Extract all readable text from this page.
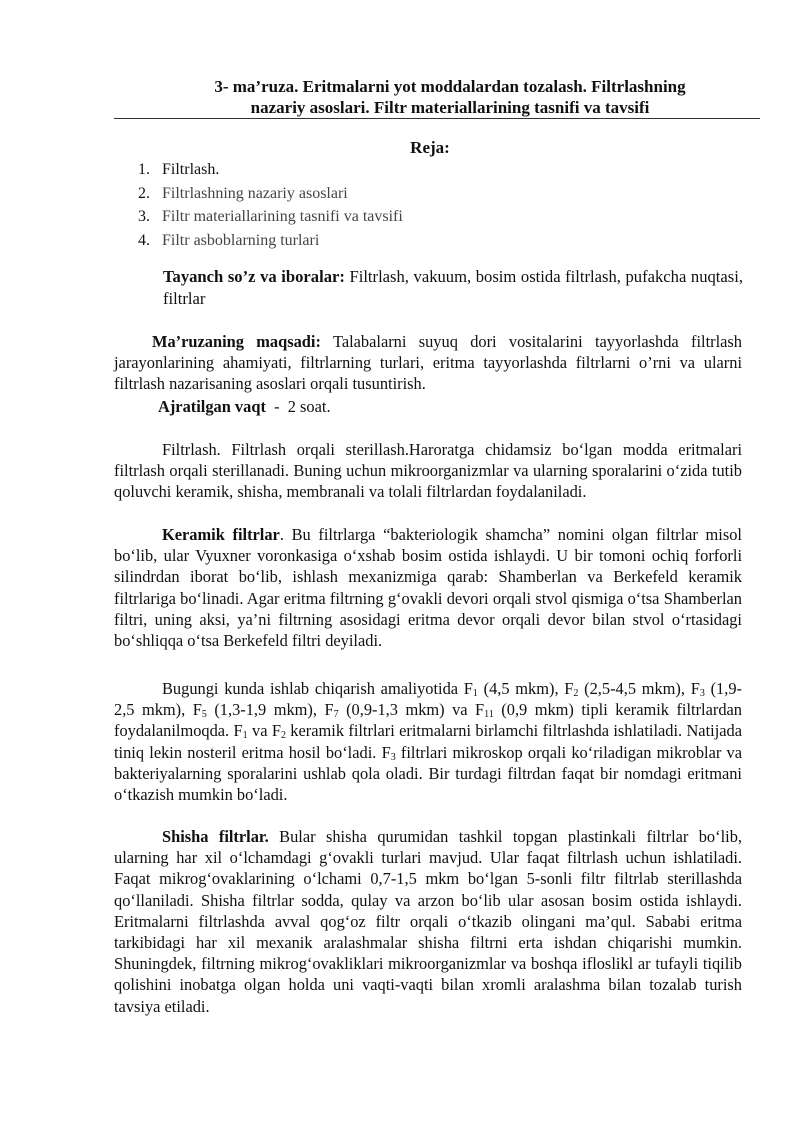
3- ma’ruza. Eritmalarni yot moddalardan tozalash. Filtrlashning
nazariy asoslari. Filtr materiallarining tasnifi va tavsifi
Reja:
1. Filtrlash.
2. Filtrlashning nazariy asoslari
3. Filtr materiallarining tasnifi va tavsifi
4. Filtr asboblarning turlari
Tayanch so’z va iboralar: Filtrlash, vakuum, bosim ostida filtrlash, pufakcha nuqtasi, filtrlar
Ma’ruzaning maqsadi: Talabalarni suyuq dori vositalarini tayyorlashda filtrlash jarayonlarining ahamiyati, filtrlarning turlari, eritma tayyorlashda filtrlarni o’rni va ularni filtrlash nazarisaning asoslari orqali tusuntirish.
Ajratilgan vaqt  -  2 soat.
Filtrlash. Filtrlash orqali sterillash.Haroratga chidamsiz bo‘lgan modda eritmalari filtrlash orqali sterillanadi. Buning uchun mikroorganizmlar va ularning sporalarini o‘zida tutib qoluvchi keramik, shisha, membranali va tolali filtrlardan foydalaniladi.
Keramik filtrlar. Bu filtrlarga “bakteriologik shamcha” nomini olgan filtrlar misol bo‘lib, ular Vyuxner voronkasiga o‘xshab bosim ostida ishlaydi. U bir tomoni ochiq forforli silindrdan iborat bo‘lib, ishlash mexanizmiga qarab: Shamberlan va Berkefeld keramik filtrlariga bo‘linadi. Agar eritma filtrning g‘ovakli devori orqali stvol qismiga o‘tsa Shamberlan filtri, uning aksi, ya’ni filtrning asosidagi eritma devor orqali devor bilan stvol o‘rtasidagi bo‘shliqqa o‘tsa Berkefeld filtri deyiladi.
Bugungi kunda ishlab chiqarish amaliyotida $F_1$ (4,5 mkm), $F_2$ (2,5-4,5 mkm), $F_3$ (1,9-2,5 mkm), $F_5$ (1,3-1,9 mkm), $F_7$ (0,9-1,3 mkm) va $F_{11}$ (0,9 mkm) tipli keramik filtrlardan foydalanilmoqda. $F_1$ va $F_2$ keramik filtrlari eritmalarni birlamchi filtrlashda ishlatiladi. Natijada tiniq lekin nosteril eritma hosil bo‘ladi. $F_3$ filtrlari mikroskop orqali ko‘riladigan mikroblar va bakteriyalarning sporalarini ushlab qola oladi. Bir turdagi filtrdan faqat bir nomdagi eritmani o‘tkazish mumkin bo‘ladi.
Shisha filtrlar. Bular shisha qurumidan tashkil topgan plastinkali filtrlar bo‘lib, ularning har xil o‘lchamdagi g‘ovakli turlari mavjud. Ular faqat filtrlash uchun ishlatiladi. Faqat mikrog‘ovaklarining o‘lchami 0,7-1,5 mkm bo‘lgan 5-sonli filtr filtrlab sterillashda qo‘llaniladi. Shisha filtrlar sodda, qulay va arzon bo‘lib ular asosan bosim ostida ishlaydi. Eritmalarni filtrlashda avval qog‘oz filtr orqali o‘tkazib olingani ma’qul. Sababi eritma tarkibidagi har xil mexanik aralashmalar shisha filtrni erta ishdan chiqarishi mumkin. Shuningdek, filtrning mikrog‘ovakliklari mikroorganizmlar va boshqa ifloslikl ar tufayli tiqilib qolishini inobatga olgan holda uni vaqti-vaqti bilan xromli aralashma bilan tozalab turish tavsiya etiladi.
